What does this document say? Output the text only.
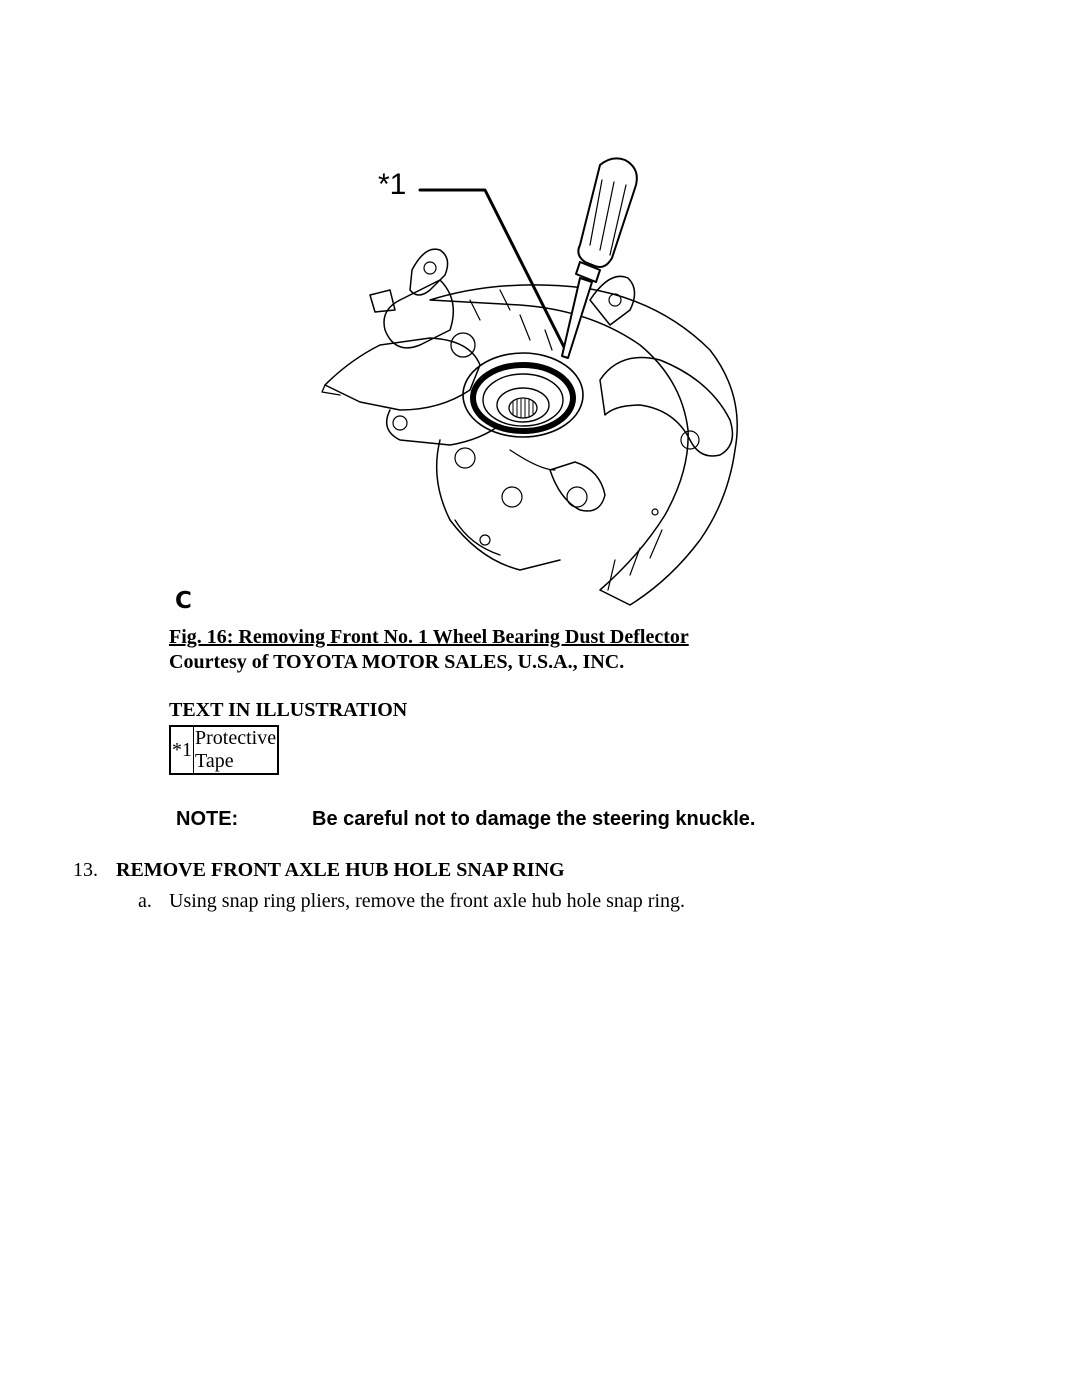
*1
C
Fig. 16: Removing Front No. 1 Wheel Bearing Dust Deflector
Courtesy of TOYOTA MOTOR SALES, U.S.A., INC.
TEXT IN ILLUSTRATION
*1	Protective
Tape
NOTE:	Be careful not to damage the steering knuckle.
13. REMOVE FRONT AXLE HUB HOLE SNAP RING
a. Using snap ring pliers, remove the front axle hub hole snap ring.
